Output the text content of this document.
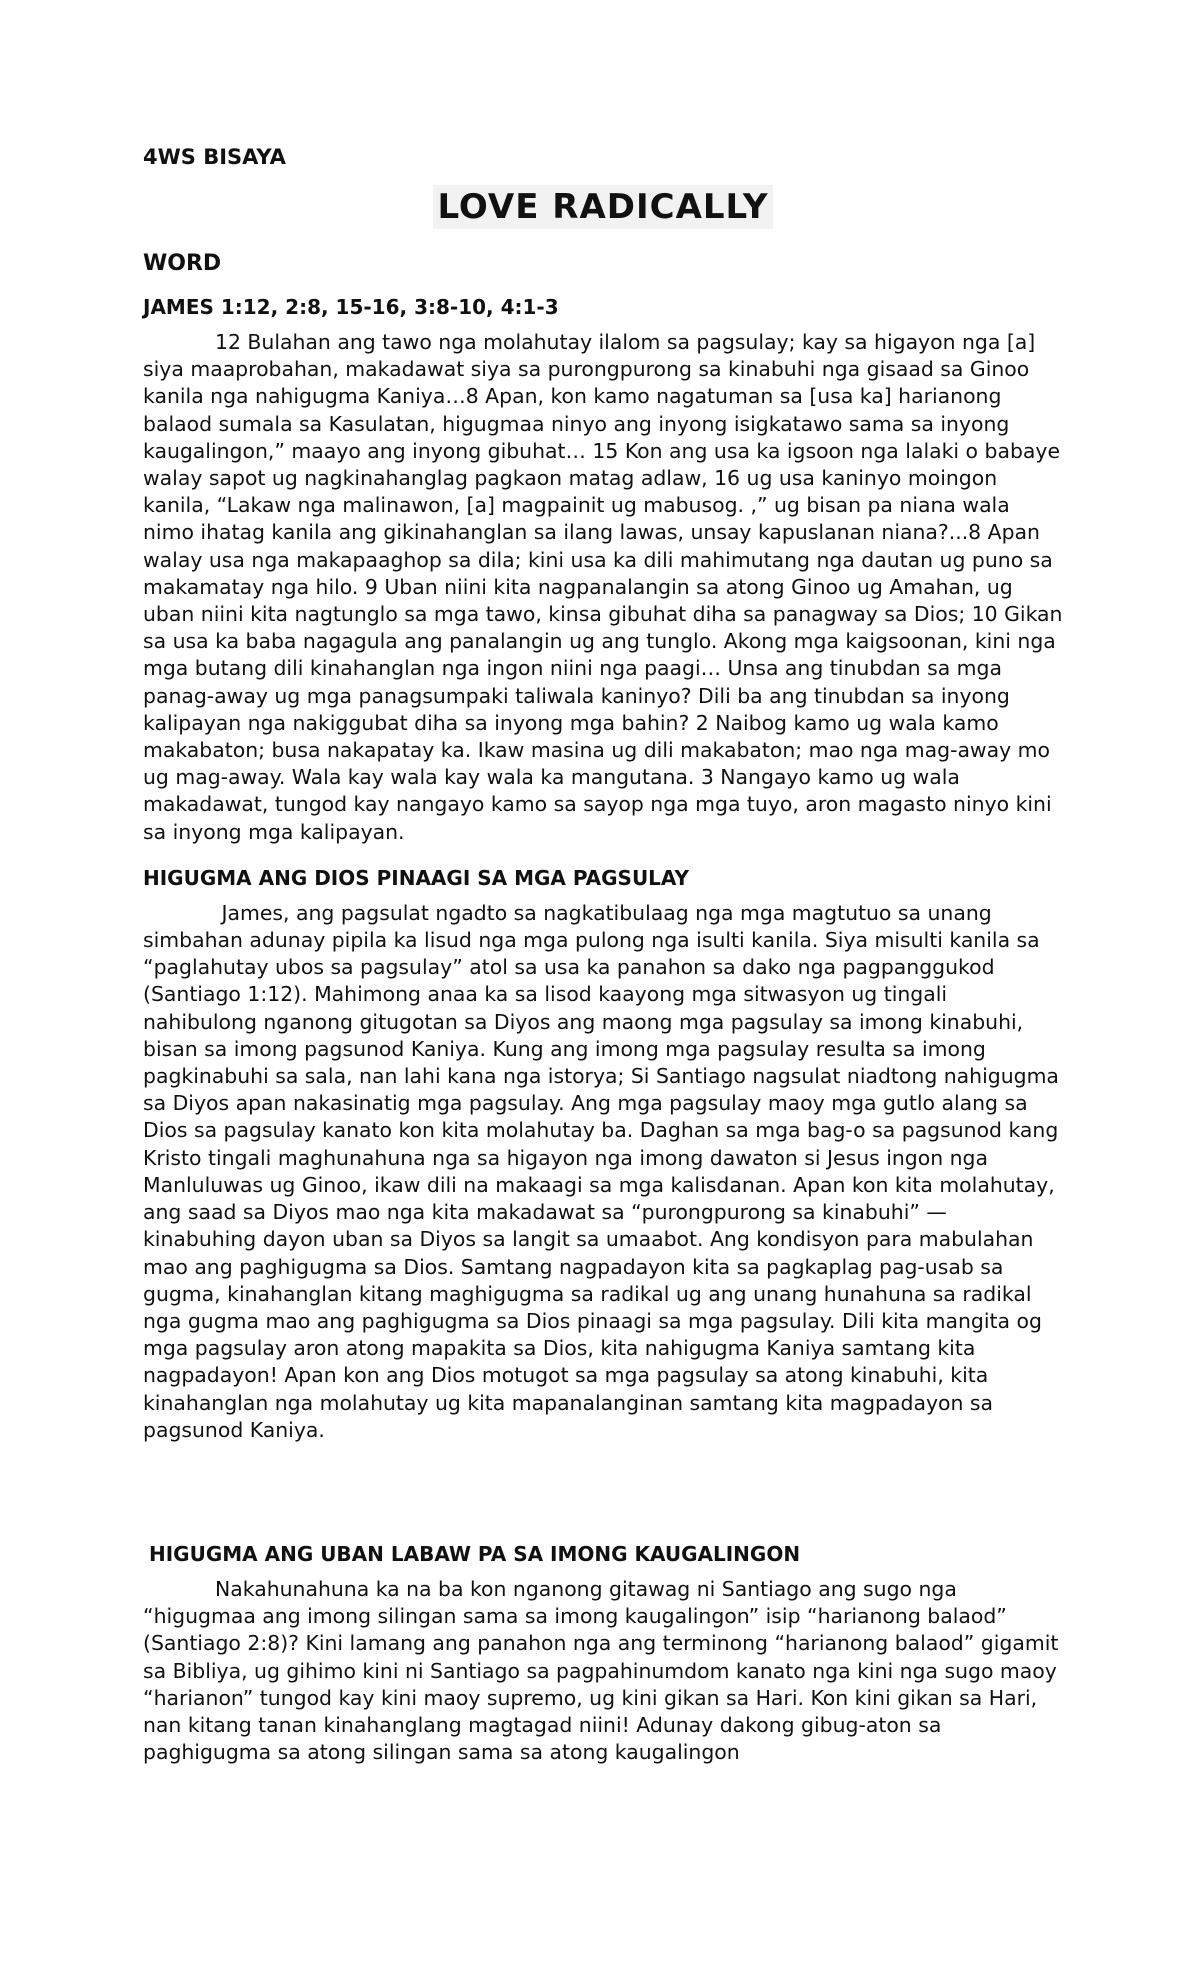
4WS BISAYA
LOVE RADICALLY
WORD
JAMES 1:12, 2:8, 15-16, 3:8-10, 4:1-3

12 Bulahan ang tawo nga molahutay ilalom sa pagsulay; kay sa higayon nga [a] siya maaprobahan, makadawat siya sa purongpurong sa kinabuhi nga gisaad sa Ginoo kanila nga nahigugma Kaniya…8 Apan, kon kamo nagatuman sa [usa ka] harianong balaod sumala sa Kasulatan, higugmaa ninyo ang inyong isigkatawo sama sa inyong kaugalingon,” maayo ang inyong gibuhat… 15 Kon ang usa ka igsoon nga lalaki o babaye walay sapot ug nagkinahanglag pagkaon matag adlaw, 16 ug usa kaninyo moingon kanila, “Lakaw nga malinawon, [a] magpainit ug mabusog. ,” ug bisan pa niana wala nimo ihatag kanila ang gikinahanglan sa ilang lawas, unsay kapuslanan niana?...8 Apan walay usa nga makapaaghop sa dila; kini usa ka dili mahimutang nga dautan ug puno sa makamatay nga hilo. 9 Uban niini kita nagpanalangin sa atong Ginoo ug Amahan, ug uban niini kita nagtunglo sa mga tawo, kinsa gibuhat diha sa panagway sa Dios; 10 Gikan sa usa ka baba nagagula ang panalangin ug ang tunglo. Akong mga kaigsoonan, kini nga mga butang dili kinahanglan nga ingon niini nga paagi… Unsa ang tinubdan sa mga panag-away ug mga panagsumpaki taliwala kaninyo? Dili ba ang tinubdan sa inyong kalipayan nga nakiggubat diha sa inyong mga bahin? 2 Naibog kamo ug wala kamo makabaton; busa nakapatay ka. Ikaw masina ug dili makabaton; mao nga mag-away mo ug mag-away. Wala kay wala kay wala ka mangutana. 3 Nangayo kamo ug wala makadawat, tungod kay nangayo kamo sa sayop nga mga tuyo, aron magasto ninyo kini sa inyong mga kalipayan.

HIGUGMA ANG DIOS PINAAGI SA MGA PAGSULAY

James, ang pagsulat ngadto sa nagkatibulaag nga mga magtutuo sa unang simbahan adunay pipila ka lisud nga mga pulong nga isulti kanila. Siya misulti kanila sa “paglahutay ubos sa pagsulay” atol sa usa ka panahon sa dako nga pagpanggukod (Santiago 1:12). Mahimong anaa ka sa lisod kaayong mga sitwasyon ug tingali nahibulong nganong gitugotan sa Diyos ang maong mga pagsulay sa imong kinabuhi, bisan sa imong pagsunod Kaniya. Kung ang imong mga pagsulay resulta sa imong pagkinabuhi sa sala, nan lahi kana nga istorya; Si Santiago nagsulat niadtong nahigugma sa Diyos apan nakasinatig mga pagsulay. Ang mga pagsulay maoy mga gutlo alang sa Dios sa pagsulay kanato kon kita molahutay ba. Daghan sa mga bag-o sa pagsunod kang Kristo tingali maghunahuna nga sa higayon nga imong dawaton si Jesus ingon nga Manluluwas ug Ginoo, ikaw dili na makaagi sa mga kalisdanan. Apan kon kita molahutay, ang saad sa Diyos mao nga kita makadawat sa “purongpurong sa kinabuhi” — kinabuhing dayon uban sa Diyos sa langit sa umaabot. Ang kondisyon para mabulahan mao ang paghigugma sa Dios. Samtang nagpadayon kita sa pagkaplag pag-usab sa gugma, kinahanglan kitang maghigugma sa radikal ug ang unang hunahuna sa radikal nga gugma mao ang paghigugma sa Dios pinaagi sa mga pagsulay. Dili kita mangita og mga pagsulay aron atong mapakita sa Dios, kita nahigugma Kaniya samtang kita nagpadayon! Apan kon ang Dios motugot sa mga pagsulay sa atong kinabuhi, kita kinahanglan nga molahutay ug kita mapanalanginan samtang kita magpadayon sa pagsunod Kaniya.

HIGUGMA ANG UBAN LABAW PA SA IMONG KAUGALINGON

Nakahunahuna ka na ba kon nganong gitawag ni Santiago ang sugo nga “higugmaa ang imong silingan sama sa imong kaugalingon” isip “harianong balaod” (Santiago 2:8)? Kini lamang ang panahon nga ang terminong “harianong balaod” gigamit sa Bibliya, ug gihimo kini ni Santiago sa pagpahinumdom kanato nga kini nga sugo maoy “harianon” tungod kay kini maoy supremo, ug kini gikan sa Hari. Kon kini gikan sa Hari, nan kitang tanan kinahanglang magtagad niini! Adunay dakong gibug-aton sa paghigugma sa atong silingan sama sa atong kaugalingon
